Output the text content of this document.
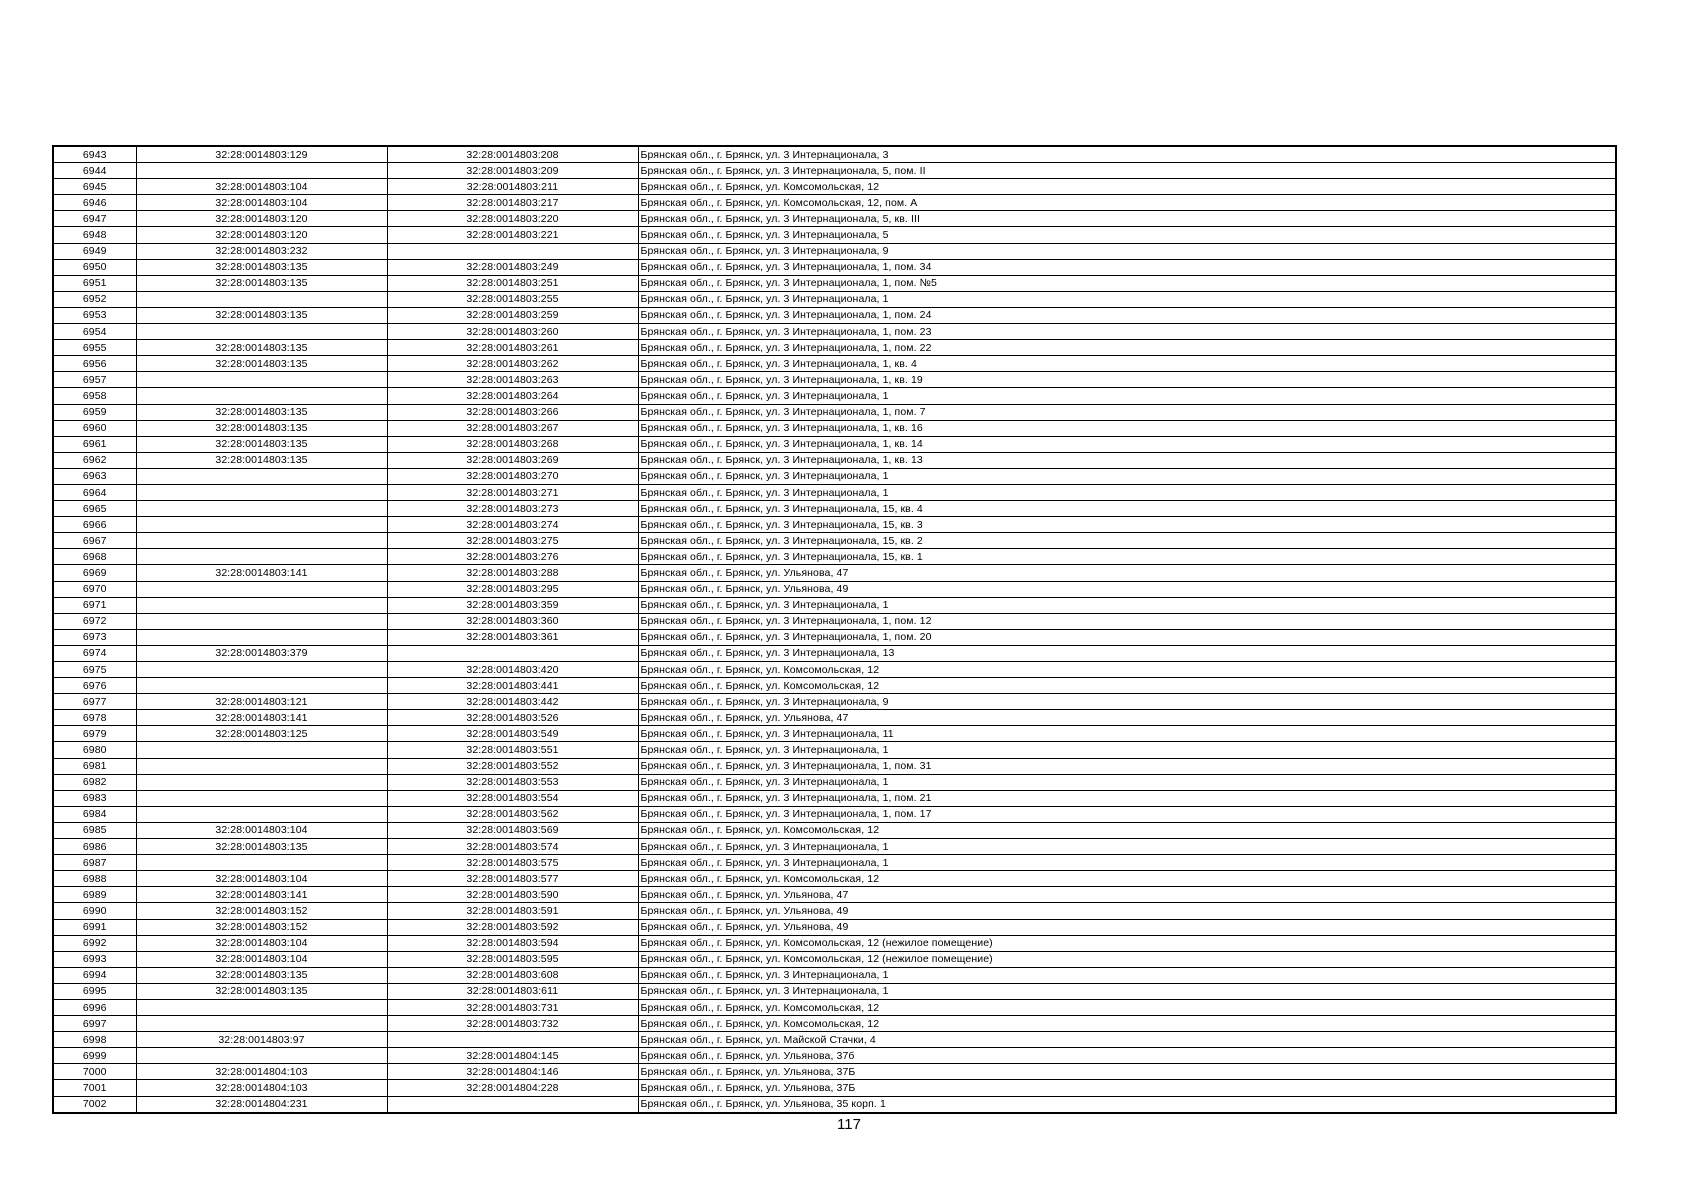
6943	32:28:0014803:129	32:28:0014803:208	Брянская обл., г. Брянск, ул. 3 Интернационала, 3
6944		32:28:0014803:209	Брянская обл., г. Брянск, ул. 3 Интернационала, 5, пом. II
6945	32:28:0014803:104	32:28:0014803:211	Брянская обл., г. Брянск, ул. Комсомольская, 12
6946	32:28:0014803:104	32:28:0014803:217	Брянская обл., г. Брянск, ул. Комсомольская, 12, пом. А
6947	32:28:0014803:120	32:28:0014803:220	Брянская обл., г. Брянск, ул. 3 Интернационала, 5, кв. III
6948	32:28:0014803:120	32:28:0014803:221	Брянская обл., г. Брянск, ул. 3 Интернационала, 5
6949	32:28:0014803:232		Брянская обл., г. Брянск, ул. 3 Интернационала, 9
6950	32:28:0014803:135	32:28:0014803:249	Брянская обл., г. Брянск, ул. 3 Интернационала, 1, пом. 34
6951	32:28:0014803:135	32:28:0014803:251	Брянская обл., г. Брянск, ул. 3 Интернационала, 1, пом. №5
6952		32:28:0014803:255	Брянская обл., г. Брянск, ул. 3 Интернационала, 1
6953	32:28:0014803:135	32:28:0014803:259	Брянская обл., г. Брянск, ул. 3 Интернационала, 1, пом. 24
6954		32:28:0014803:260	Брянская обл., г. Брянск, ул. 3 Интернационала, 1, пом. 23
6955	32:28:0014803:135	32:28:0014803:261	Брянская обл., г. Брянск, ул. 3 Интернационала, 1, пом. 22
6956	32:28:0014803:135	32:28:0014803:262	Брянская обл., г. Брянск, ул. 3 Интернационала, 1, кв. 4
6957		32:28:0014803:263	Брянская обл., г. Брянск, ул. 3 Интернационала, 1, кв. 19
6958		32:28:0014803:264	Брянская обл., г. Брянск, ул. 3 Интернационала, 1
6959	32:28:0014803:135	32:28:0014803:266	Брянская обл., г. Брянск, ул. 3 Интернационала, 1, пом. 7
6960	32:28:0014803:135	32:28:0014803:267	Брянская обл., г. Брянск, ул. 3 Интернационала, 1, кв. 16
6961	32:28:0014803:135	32:28:0014803:268	Брянская обл., г. Брянск, ул. 3 Интернационала, 1, кв. 14
6962	32:28:0014803:135	32:28:0014803:269	Брянская обл., г. Брянск, ул. 3 Интернационала, 1, кв. 13
6963		32:28:0014803:270	Брянская обл., г. Брянск, ул. 3 Интернационала, 1
6964		32:28:0014803:271	Брянская обл., г. Брянск, ул. 3 Интернационала, 1
6965		32:28:0014803:273	Брянская обл., г. Брянск, ул. 3 Интернационала, 15, кв. 4
6966		32:28:0014803:274	Брянская обл., г. Брянск, ул. 3 Интернационала, 15, кв. 3
6967		32:28:0014803:275	Брянская обл., г. Брянск, ул. 3 Интернационала, 15, кв. 2
6968		32:28:0014803:276	Брянская обл., г. Брянск, ул. 3 Интернационала, 15, кв. 1
6969	32:28:0014803:141	32:28:0014803:288	Брянская обл., г. Брянск, ул. Ульянова, 47
6970		32:28:0014803:295	Брянская обл., г. Брянск, ул. Ульянова, 49
6971		32:28:0014803:359	Брянская обл., г. Брянск, ул. 3 Интернационала, 1
6972		32:28:0014803:360	Брянская обл., г. Брянск, ул. 3 Интернационала, 1, пом. 12
6973		32:28:0014803:361	Брянская обл., г. Брянск, ул. 3 Интернационала, 1, пом. 20
6974	32:28:0014803:379		Брянская обл., г. Брянск, ул. 3 Интернационала, 13
6975		32:28:0014803:420	Брянская обл., г. Брянск, ул. Комсомольская, 12
6976		32:28:0014803:441	Брянская обл., г. Брянск, ул. Комсомольская, 12
6977	32:28:0014803:121	32:28:0014803:442	Брянская обл., г. Брянск, ул. 3 Интернационала, 9
6978	32:28:0014803:141	32:28:0014803:526	Брянская обл., г. Брянск, ул. Ульянова, 47
6979	32:28:0014803:125	32:28:0014803:549	Брянская обл., г. Брянск, ул. 3 Интернационала, 11
6980		32:28:0014803:551	Брянская обл., г. Брянск, ул. 3 Интернационала, 1
6981		32:28:0014803:552	Брянская обл., г. Брянск, ул. 3 Интернационала, 1, пом. 31
6982		32:28:0014803:553	Брянская обл., г. Брянск, ул. 3 Интернационала, 1
6983		32:28:0014803:554	Брянская обл., г. Брянск, ул. 3 Интернационала, 1, пом. 21
6984		32:28:0014803:562	Брянская обл., г. Брянск, ул. 3 Интернационала, 1, пом. 17
6985	32:28:0014803:104	32:28:0014803:569	Брянская обл., г. Брянск, ул. Комсомольская, 12
6986	32:28:0014803:135	32:28:0014803:574	Брянская обл., г. Брянск, ул. 3 Интернационала, 1
6987		32:28:0014803:575	Брянская обл., г. Брянск, ул. 3 Интернационала, 1
6988	32:28:0014803:104	32:28:0014803:577	Брянская обл., г. Брянск, ул. Комсомольская, 12
6989	32:28:0014803:141	32:28:0014803:590	Брянская обл., г. Брянск, ул. Ульянова, 47
6990	32:28:0014803:152	32:28:0014803:591	Брянская обл., г. Брянск, ул. Ульянова, 49
6991	32:28:0014803:152	32:28:0014803:592	Брянская обл., г. Брянск, ул. Ульянова, 49
6992	32:28:0014803:104	32:28:0014803:594	Брянская обл., г. Брянск, ул. Комсомольская, 12 (нежилое помещение)
6993	32:28:0014803:104	32:28:0014803:595	Брянская обл., г. Брянск, ул. Комсомольская, 12 (нежилое помещение)
6994	32:28:0014803:135	32:28:0014803:608	Брянская обл., г. Брянск, ул. 3 Интернационала, 1
6995	32:28:0014803:135	32:28:0014803:611	Брянская обл., г. Брянск, ул. 3 Интернационала, 1
6996		32:28:0014803:731	Брянская обл., г. Брянск, ул. Комсомольская, 12
6997		32:28:0014803:732	Брянская обл., г. Брянск, ул. Комсомольская, 12
6998	32:28:0014803:97		Брянская обл., г. Брянск, ул. Майской Стачки, 4
6999		32:28:0014804:145	Брянская обл., г. Брянск, ул. Ульянова, 37б
7000	32:28:0014804:103	32:28:0014804:146	Брянская обл., г. Брянск, ул. Ульянова, 37Б
7001	32:28:0014804:103	32:28:0014804:228	Брянская обл., г. Брянск, ул. Ульянова, 37Б
7002	32:28:0014804:231		Брянская обл., г. Брянск, ул. Ульянова, 35 корп. 1
117
